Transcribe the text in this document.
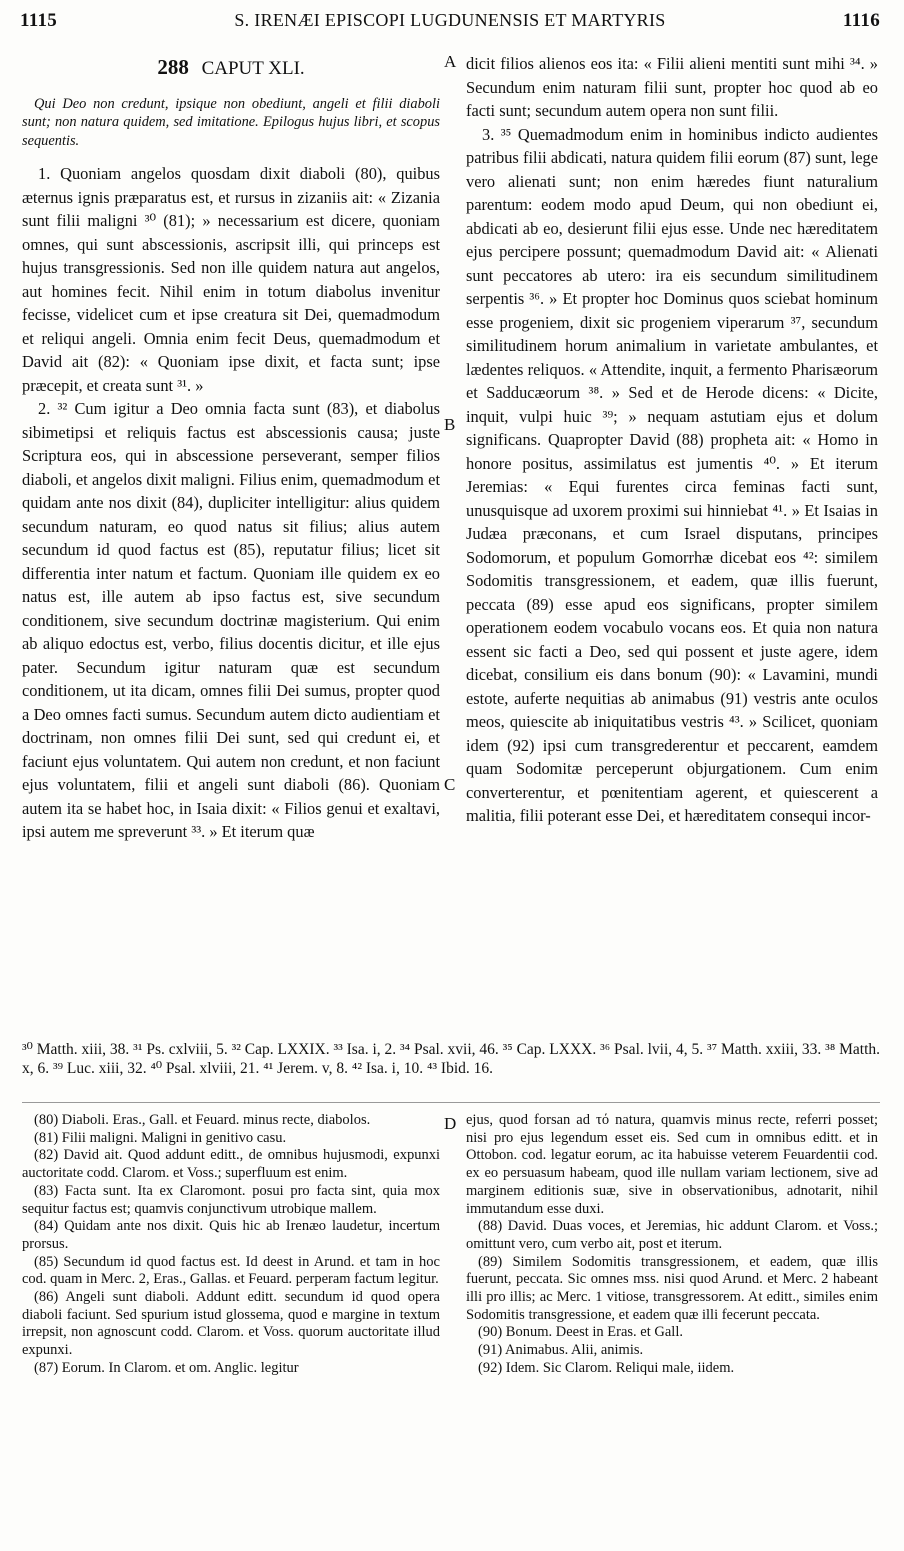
1115	S. IRENÆI EPISCOPI LUGDUNENSIS ET MARTYRIS	1116
A
B
C
D
288 CAPUT XLI.
Qui Deo non credunt, ipsique non obediunt, angeli et filii diaboli sunt; non natura quidem, sed imitatione. Epilogus hujus libri, et scopus sequentis.

1. Quoniam angelos quosdam dixit diaboli (80), quibus æternus ignis præparatus est, et rursus in zizaniis ait: « Zizania sunt filii maligni ³⁰ (81); » necessarium est dicere, quoniam omnes, qui sunt abscessionis, ascripsit illi, qui princeps est hujus transgressionis. Sed non ille quidem natura aut angelos, aut homines fecit. Nihil enim in totum diabolus invenitur fecisse, videlicet cum et ipse creatura sit Dei, quemadmodum et reliqui angeli. Omnia enim fecit Deus, quemadmodum et David ait (82): « Quoniam ipse dixit, et facta sunt; ipse præcepit, et creata sunt ³¹. »

2. ³² Cum igitur a Deo omnia facta sunt (83), et diabolus sibimetipsi et reliquis factus est abscessionis causa; juste Scriptura eos, qui in abscessione perseverant, semper filios diaboli, et angelos dixit maligni. Filius enim, quemadmodum et quidam ante nos dixit (84), dupliciter intelligitur: alius quidem secundum naturam, eo quod natus sit filius; alius autem secundum id quod factus est (85), reputatur filius; licet sit differentia inter natum et factum. Quoniam ille quidem ex eo natus est, ille autem ab ipso factus est, sive secundum conditionem, sive secundum doctrinæ magisterium. Qui enim ab aliquo edoctus est, verbo, filius docentis dicitur, et ille ejus pater. Secundum igitur naturam quæ est secundum conditionem, ut ita dicam, omnes filii Dei sumus, propter quod a Deo omnes facti sumus. Secundum autem dicto audientiam et doctrinam, non omnes filii Dei sunt, sed qui credunt ei, et faciunt ejus voluntatem. Qui autem non credunt, et non faciunt ejus voluntatem, filii et angeli sunt diaboli (86). Quoniam autem ita se habet hoc, in Isaia dixit: « Filios genui et exaltavi, ipsi autem me spreverunt ³³. » Et iterum quæ

dicit filios alienos eos ita: « Filii alieni mentiti sunt mihi ³⁴. » Secundum enim naturam filii sunt, propter hoc quod ab eo facti sunt; secundum autem opera non sunt filii.

3. ³⁵ Quemadmodum enim in hominibus indicto audientes patribus filii abdicati, natura quidem filii eorum (87) sunt, lege vero alienati sunt; non enim hæredes fiunt naturalium parentum: eodem modo apud Deum, qui non obediunt ei, abdicati ab eo, desierunt filii ejus esse. Unde nec hæreditatem ejus percipere possunt; quemadmodum David ait: « Alienati sunt peccatores ab utero: ira eis secundum similitudinem serpentis ³⁶. » Et propter hoc Dominus quos sciebat hominum esse progeniem, dixit sic progeniem viperarum ³⁷, secundum similitudinem horum animalium in varietate ambulantes, et lædentes reliquos. « Attendite, inquit, a fermento Pharisæorum et Sadducæorum ³⁸. » Sed et de Herode dicens: « Dicite, inquit, vulpi huic ³⁹; » nequam astutiam ejus et dolum significans. Quapropter David (88) propheta ait: « Homo in honore positus, assimilatus est jumentis ⁴⁰. » Et iterum Jeremias: « Equi furentes circa feminas facti sunt, unusquisque ad uxorem proximi sui hinniebat ⁴¹. » Et Isaias in Judæa præconans, et cum Israel disputans, principes Sodomorum, et populum Gomorrhæ dicebat eos ⁴²: similem Sodomitis transgressionem, et eadem, quæ illis fuerunt, peccata (89) esse apud eos significans, propter similem operationem eodem vocabulo vocans eos. Et quia non natura essent sic facti a Deo, sed qui possent et juste agere, idem dicebat, consilium eis dans bonum (90): « Lavamini, mundi estote, auferte nequitias ab animabus (91) vestris ante oculos meos, quiescite ab iniquitatibus vestris ⁴³. » Scilicet, quoniam idem (92) ipsi cum transgrederentur et peccarent, eamdem quam Sodomitæ perceperunt objurgationem. Cum enim converterentur, et pœnitentiam agerent, et quiescerent a malitia, filii poterant esse Dei, et hæreditatem consequi incor-

³⁰ Matth. xiii, 38. ³¹ Ps. cxlviii, 5. ³² Cap. LXXIX. ³³ Isa. i, 2. ³⁴ Psal. xvii, 46. ³⁵ Cap. LXXX. ³⁶ Psal. lvii, 4, 5. ³⁷ Matth. xxiii, 33. ³⁸ Matth. x, 6. ³⁹ Luc. xiii, 32. ⁴⁰ Psal. xlviii, 21. ⁴¹ Jerem. v, 8. ⁴² Isa. i, 10. ⁴³ Ibid. 16.

(80) Diaboli. Eras., Gall. et Feuard. minus recte, diabolos.

(81) Filii maligni. Maligni in genitivo casu.

(82) David ait. Quod addunt editt., de omnibus hujusmodi, expunxi auctoritate codd. Clarom. et Voss.; superfluum est enim.

(83) Facta sunt. Ita ex Claromont. posui pro facta sint, quia mox sequitur factus est; quamvis conjunctivum utrobique mallem.

(84) Quidam ante nos dixit. Quis hic ab Irenæo laudetur, incertum prorsus.

(85) Secundum id quod factus est. Id deest in Arund. et tam in hoc cod. quam in Merc. 2, Eras., Gallas. et Feuard. perperam factum legitur.

(86) Angeli sunt diaboli. Addunt editt. secundum id quod opera diaboli faciunt. Sed spurium istud glossema, quod e margine in textum irrepsit, non agnoscunt codd. Clarom. et Voss. quorum auctoritate illud expunxi.

(87) Eorum. In Clarom. et om. Anglic. legitur

ejus, quod forsan ad τό natura, quamvis minus recte, referri posset; nisi pro ejus legendum esset eis. Sed cum in omnibus editt. et in Ottobon. cod. legatur eorum, ac ita habuisse veterem Feuardentii cod. ex eo persuasum habeam, quod ille nullam variam lectionem, sive ad marginem editionis suæ, sive in observationibus, adnotarit, nihil immutandum esse duxi.

(88) David. Duas voces, et Jeremias, hic addunt Clarom. et Voss.; omittunt vero, cum verbo ait, post et iterum.

(89) Similem Sodomitis transgressionem, et eadem, quæ illis fuerunt, peccata. Sic omnes mss. nisi quod Arund. et Merc. 2 habeant illi pro illis; ac Merc. 1 vitiose, transgressorem. At editt., similes enim Sodomitis transgressione, et eadem quæ illi fecerunt peccata.

(90) Bonum. Deest in Eras. et Gall.

(91) Animabus. Alii, animis.

(92) Idem. Sic Clarom. Reliqui male, iidem.
